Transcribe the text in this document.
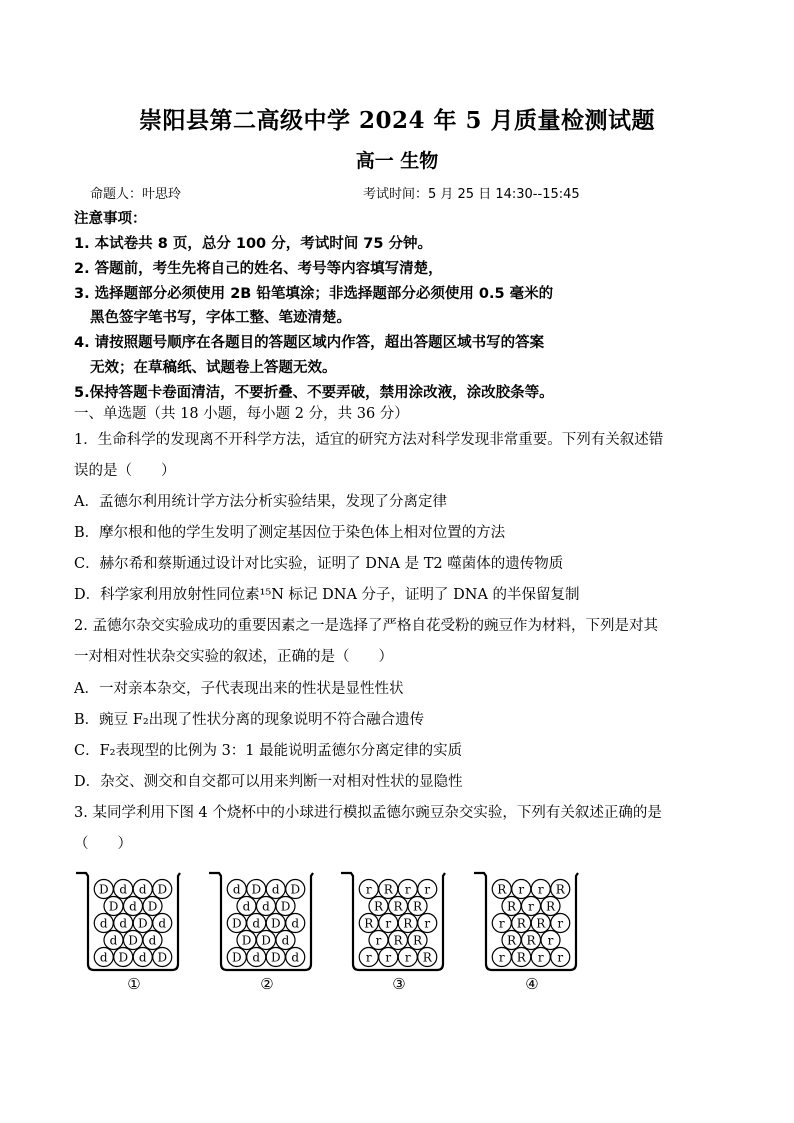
崇阳县第二高级中学 2024 年 5 月质量检测试题
高一 生物
命题人：叶思玲	考试时间：5 月 25 日 14:30--15:45
注意事项：
1. 本试卷共 8 页，总分 100 分，考试时间 75 分钟。
2. 答题前，考生先将自己的姓名、考号等内容填写清楚，
3. 选择题部分必须使用 2B 铅笔填涂；非选择题部分必须使用 0.5 毫米的
黑色签字笔书写，字体工整、笔迹清楚。
4. 请按照题号顺序在各题目的答题区域内作答，超出答题区域书写的答案
无效；在草稿纸、试题卷上答题无效。
5.保持答题卡卷面清洁，不要折叠、不要弄破，禁用涂改液，涂改胶条等。
一、单选题（共 18 小题，每小题 2 分，共 36 分）
1．生命科学的发现离不开科学方法，适宜的研究方法对科学发现非常重要。下列有关叙述错
误的是（　　）
A．孟德尔利用统计学方法分析实验结果，发现了分离定律
B．摩尔根和他的学生发明了测定基因位于染色体上相对位置的方法
C．赫尔希和蔡斯通过设计对比实验，证明了 DNA 是 T2 噬菌体的遗传物质
D．科学家利用放射性同位素¹⁵N 标记 DNA 分子，证明了 DNA 的半保留复制
2. 孟德尔杂交实验成功的重要因素之一是选择了严格自花受粉的豌豆作为材料，下列是对其
一对相对性状杂交实验的叙述，正确的是（　　）
A．一对亲本杂交，子代表现出来的性状是显性性状
B．豌豆 F₂出现了性状分离的现象说明不符合融合遗传
C．F₂表现型的比例为 3：1 最能说明孟德尔分离定律的实质
D．杂交、测交和自交都可以用来判断一对相对性状的显隐性
3. 某同学利用下图 4 个烧杯中的小球进行模拟孟德尔豌豆杂交实验，下列有关叙述正确的是
（　　）
D d d D
D d D
d d D d
d D d
d D d D
①
d D d D
d d D
D d D d
D D d
D d D d
②
r R r r
R R R
R r R r
r R R
r r r R
③
R r r R
R r R
r R R r
R R r
r R r r
④
